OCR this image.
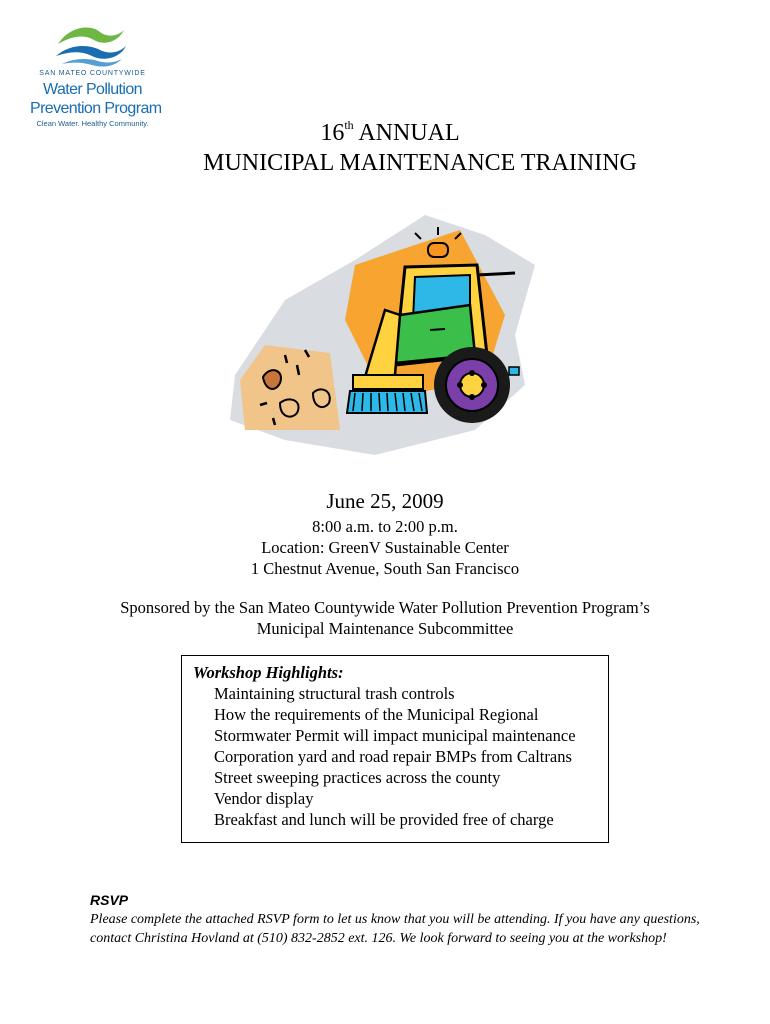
SAN MATEO COUNTYWIDE
Water Pollution
Prevention Program
Clean Water. Healthy Community.	16th ANNUAL
MUNICIPAL MAINTENANCE TRAINING
June 25, 2009
8:00 a.m. to 2:00 p.m.
Location: GreenV Sustainable Center
1 Chestnut Avenue, South San Francisco
Sponsored by the San Mateo Countywide Water Pollution Prevention Program’s
Municipal Maintenance Subcommittee
Workshop Highlights:
Maintaining structural trash controls
How the requirements of the Municipal Regional
Stormwater Permit will impact municipal maintenance
Corporation yard and road repair BMPs from Caltrans
Street sweeping practices across the county
Vendor display
Breakfast and lunch will be provided free of charge
RSVP
Please complete the attached RSVP form to let us know that you will be attending. If you have any questions, contact Christina Hovland at (510) 832-2852 ext. 126. We look forward to seeing you at the workshop!
